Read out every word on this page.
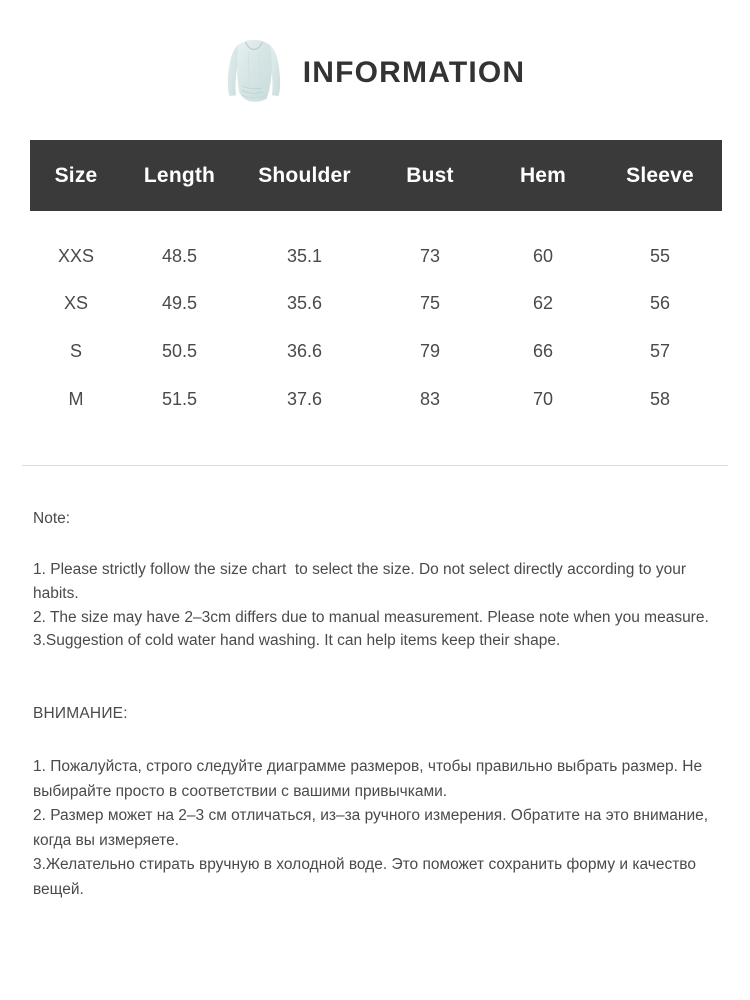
INFORMATION
Size	Length	Shoulder	Bust	Hem	Sleeve
XXS	48.5	35.1	73	60	55
XS	49.5	35.6	75	62	56
S	50.5	36.6	79	66	57
M	51.5	37.6	83	70	58

Note:

1. Please strictly follow the size chart  to select the size. Do not select directly according to your habits.

2. The size may have 2–3cm differs due to manual measurement. Please note when you measure.

3.Suggestion of cold water hand washing. It can help items keep their shape.

ВНИМАНИЕ:

1. Пожалуйста, строго следуйте диаграмме размеров, чтобы правильно выбрать размер. Не выбирайте просто в соответствии с вашими привычками.

2. Размер может на 2–3 см отличаться, из–за ручного измерения. Обратите на это внимание, когда вы измеряете.

3.Желательно стирать вручную в холодной воде. Это поможет сохранить форму и качество вещей.
